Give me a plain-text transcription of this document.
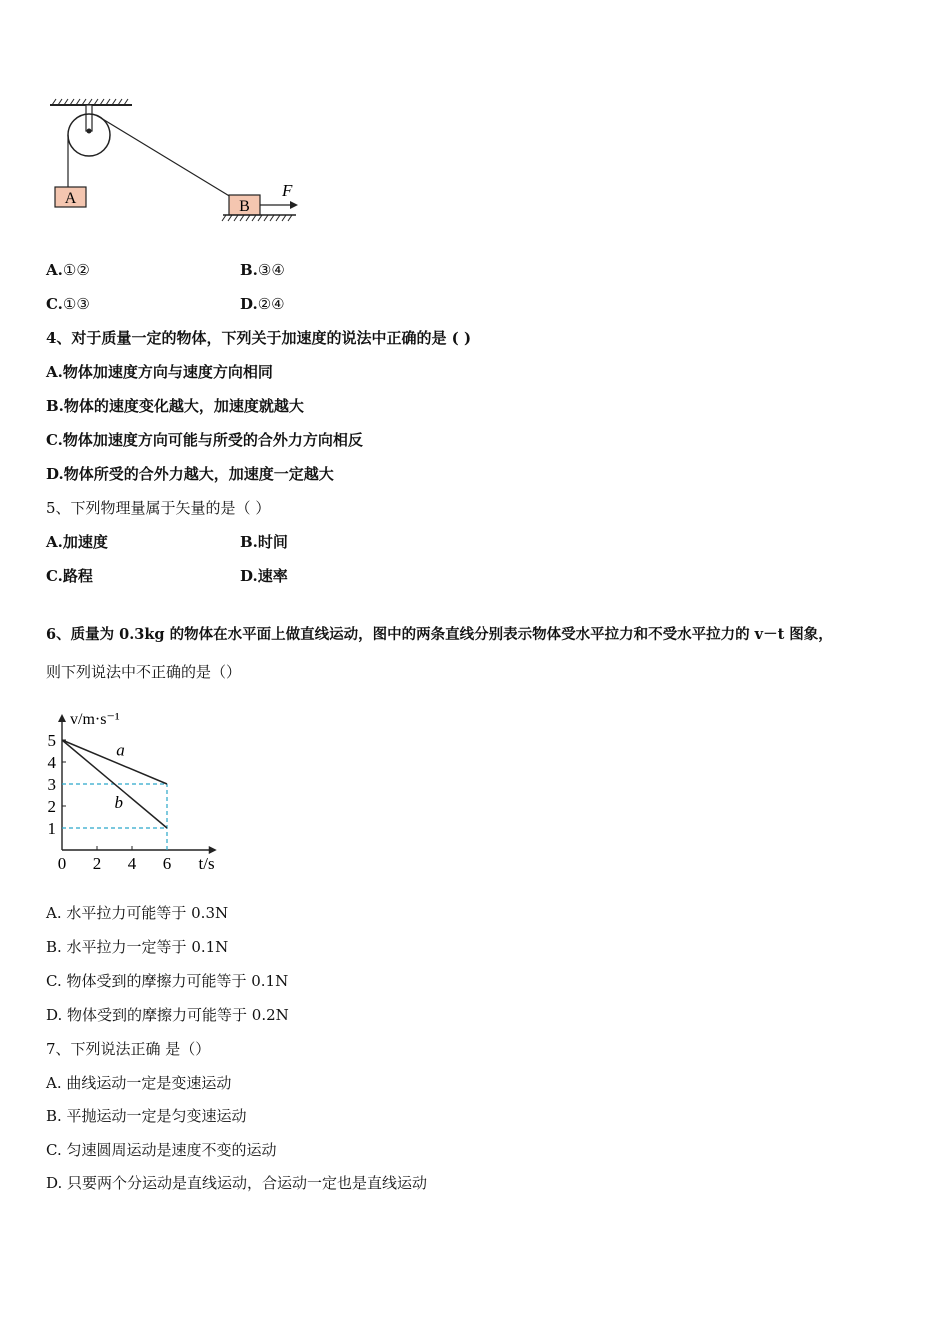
A	B
F
A.①②	B.③④
C.①③	D.②④
4、对于质量一定的物体，下列关于加速度的说法中正确的是 ( )
A.物体加速度方向与速度方向相同
B.物体的速度变化越大，加速度就越大
C.物体加速度方向可能与所受的合外力方向相反
D.物体所受的合外力越大，加速度一定越大
5、下列物理量属于矢量的是（ ）
A.加速度	B.时间
C.路程	D.速率
6、质量为 0.3kg 的物体在水平面上做直线运动，图中的两条直线分别表示物体受水平拉力和不受水平拉力的 v－t 图象，
则下列说法中不正确的是（）
1
2
3
4
5
0 2 4 6
a
b
v/m·s⁻¹
t/s
A. 水平拉力可能等于 0.3N
B. 水平拉力一定等于 0.1N
C. 物体受到的摩擦力可能等于 0.1N
D. 物体受到的摩擦力可能等于 0.2N
7、下列说法正确 是（）
A. 曲线运动一定是变速运动
B. 平抛运动一定是匀变速运动
C. 匀速圆周运动是速度不变的运动
D. 只要两个分运动是直线运动，合运动一定也是直线运动
